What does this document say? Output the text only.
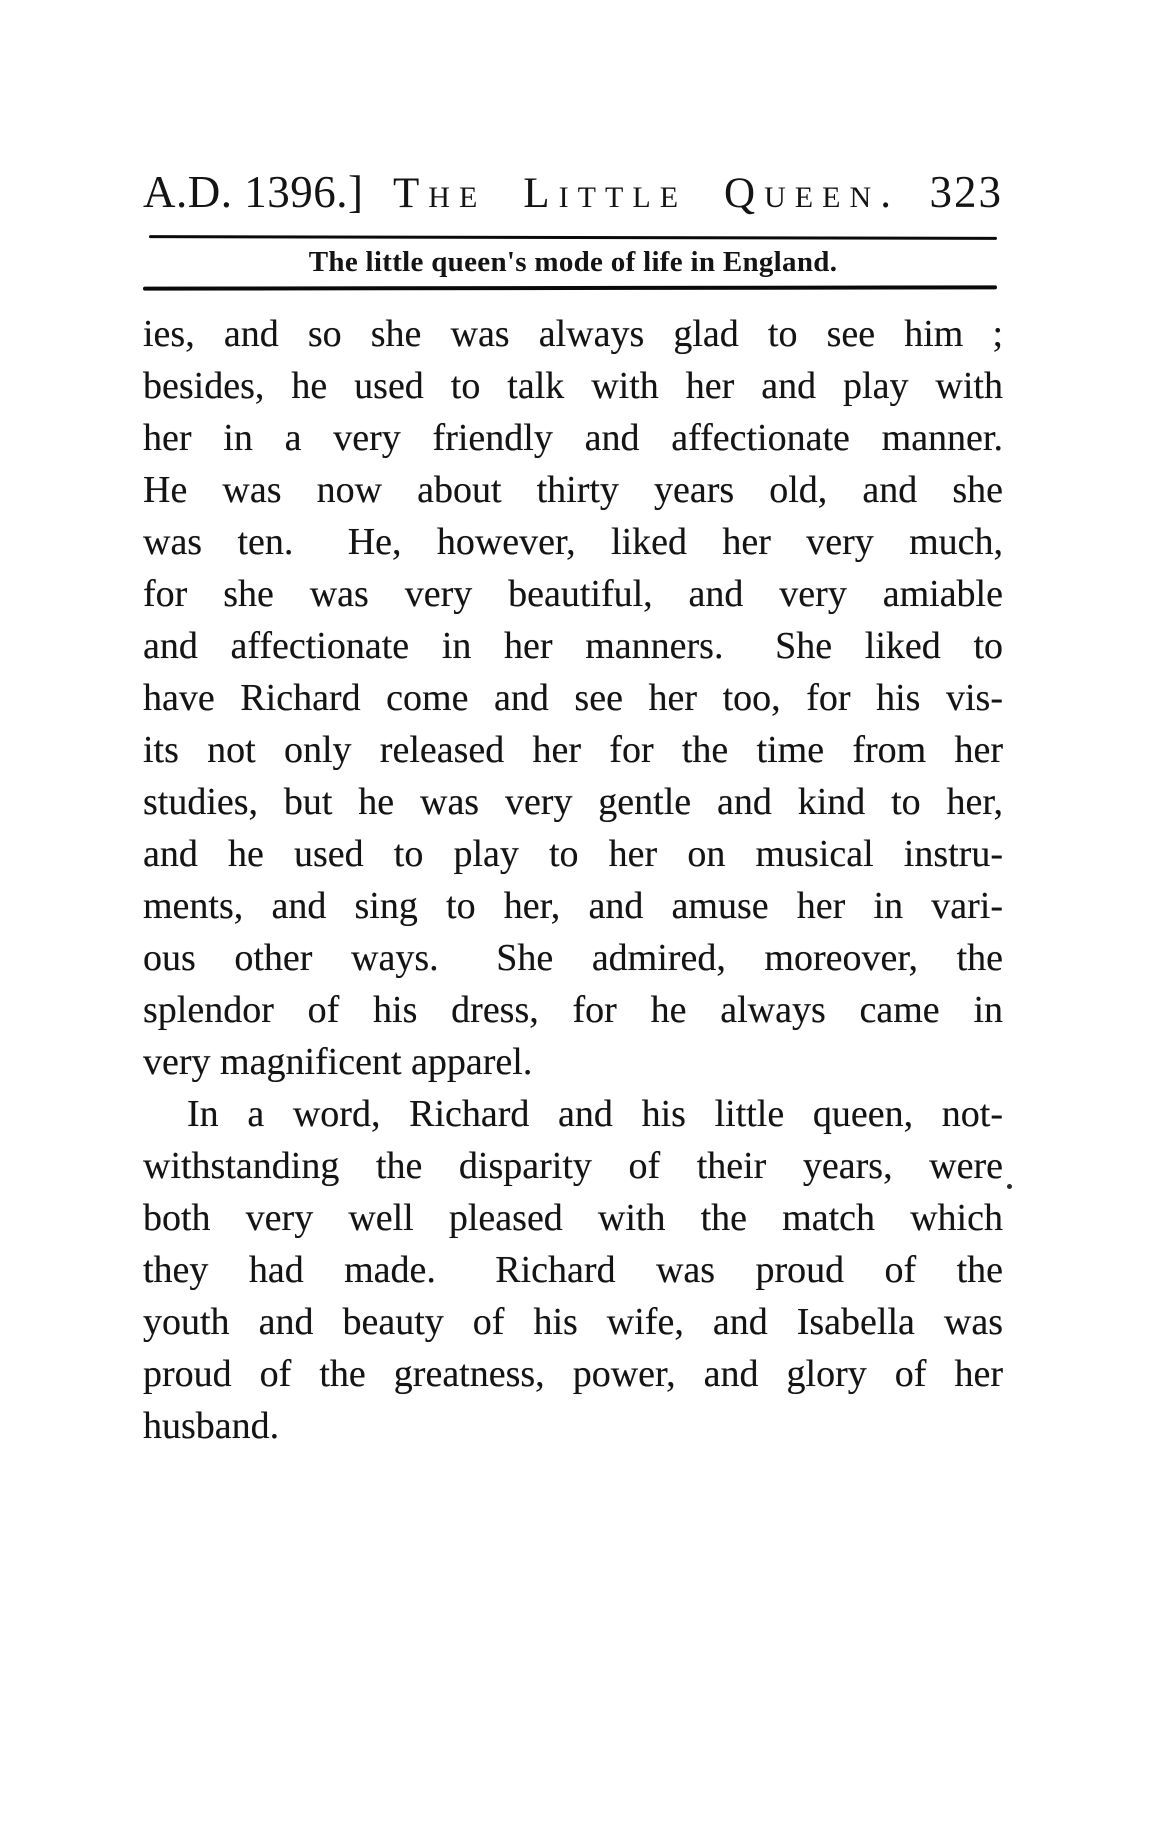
A.D. 1396.] The Little Queen. 323
The little queen's mode of life in England.
ies, and so she was always glad to see him ;
besides, he used to talk with her and play with
her in a very friendly and affectionate manner.
He was now about thirty years old, and she
was ten.  He, however, liked her very much,
for she was very beautiful, and very amiable
and affectionate in her manners.  She liked to
have Richard come and see her too, for his vis-
its not only released her for the time from her
studies, but he was very gentle and kind to her,
and he used to play to her on musical instru-
ments, and sing to her, and amuse her in vari-
ous other ways.  She admired, moreover, the
splendor of his dress, for he always came in
very magnificent apparel.
In a word, Richard and his little queen, not-
withstanding the disparity of their years, were
both very well pleased with the match which
they had made.  Richard was proud of the
youth and beauty of his wife, and Isabella was
proud of the greatness, power, and glory of her
husband.
